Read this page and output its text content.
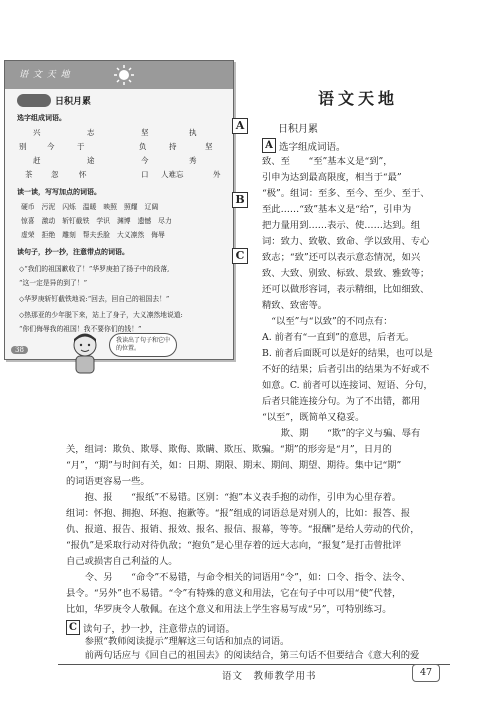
语 文 天 地
日积月累
选字组成词语。
兴	志	坚	执
别	今	于	负	持	坚
赶	途	今	秀
茶 忽	怀	口 人难忘	外
读一读，写写加点的词语。
硬币 污泥 闪烁 温暖 映照 照耀 辽阔
惊喜 激动 斩钉截铁 学识 渊博 遗憾 尽力
虚荣 拒绝 雕刻 帮夫丢脸 大义凛然 侮辱
读句子，抄一抄，注意带点的词语。
◇“我们的祖国歉收了！”华罗庚拍了扬子中的段落,
“这一定是异的到了！”
◇华罗庚斩钉截铁地说:“回去，回自己的祖国去！”
◇热那亚的少年脱下来，站上了身子，大义凛然地说道:
“你们侮辱我的祖国！我不要你们的钱！”
我读出了句子和它中的位置。
38
A
B
C
语文天地
日积月累
A 选字组成词语。
致、至　　“至”基本义是“到”，
引申为达到最高限度，相当于“最”
“极”。组词：至多、至今、至少、至于、
至此……“致”基本义是“给”，引申为
把力量用到……表示、使……达到。组
词：致力、致敬、致命、学以致用、专心
致志；“致”还可以表示意态情况，如兴
致、大致、别致、标致、景致、雅致等；
还可以做形容词，表示精细，比如细致、
精致、致密等。
　“以至”与“以致”的不同点有：
A. 前者有“一直到”的意思，后者无。
B. 前者后面既可以是好的结果，也可以是
不好的结果；后者引出的结果为不好或不
如意。C. 前者可以连接词、短语、分句，
后者只能连接分句。为了不出错，都用
“以至”，既简单又稳妥。
　　欺、期　　“欺”的字义与骗、辱有
关，组词：欺负、欺辱、欺侮、欺瞒、欺压、欺骗。“期”的形旁是“月”，日月的
“月”，“期”与时间有关，如：日期、期限、期末、期间、期望、期待。集中记“期”
的词语更容易一些。
　　抱、报　　“报纸”不易错。区别：“抱”本义表手抱的动作，引申为心里存着。
组词：怀抱、拥抱、环抱、抱歉等。“报”组成的词语总是对别人的，比如：报答、报
仇、报道、报告、报销、报效、报名、报信、报幕，等等。“报酬”是给人劳动的代价，
“报仇”是采取行动对待仇敌；“抱负”是心里存着的远大志向，“报复”是打击曾批评
自己或损害自己利益的人。
　　令、另　　“命令”不易错，与命令相关的词语用“令”，如：口令、指令、法令、
县令。“另外”也不易错。“令”有特殊的意义和用法，它在句子中可以用“使”代替，
比如，华罗庚令人敬佩。在这个意义和用法上学生容易写成“另”，可特别练习。
C 读句子，抄一抄，注意带点的词语。
　　参照“教师阅读提示”理解这三句话和加点的词语。
　　前两句话应与《回自己的祖国去》的阅读结合，第三句话不但要结合《意大利的爱
语文　教师教学用书	47
